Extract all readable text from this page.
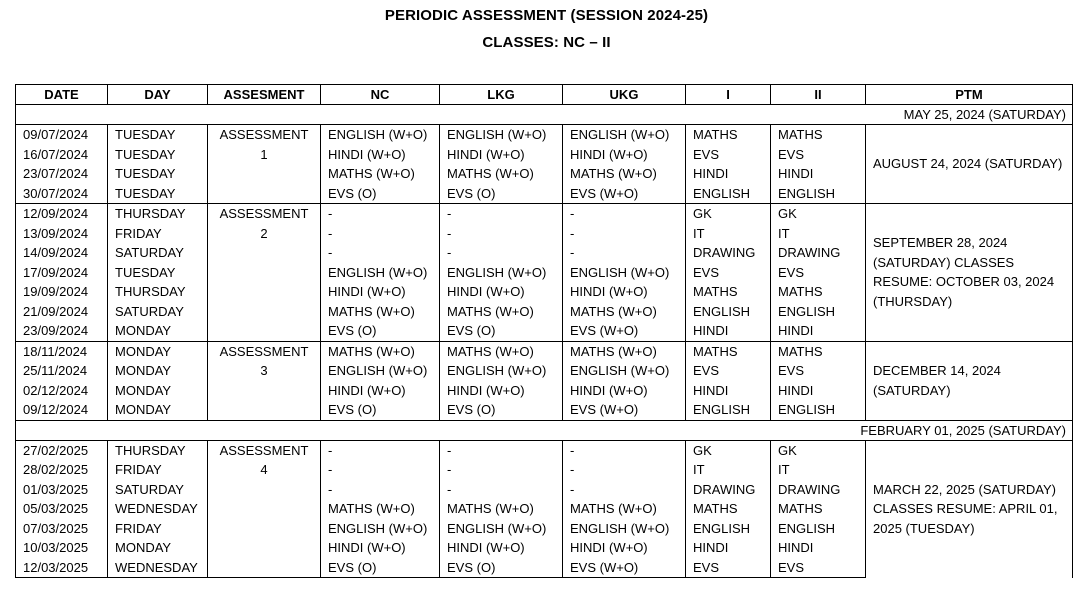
PERIODIC ASSESSMENT (SESSION 2024-25)
CLASSES: NC – II
DATE	DAY	ASSESMENT	NC	LKG	UKG	I	II	PTM
MAY 25, 2024 (SATURDAY)								
09/07/2024	TUESDAY	ASSESSMENT	ENGLISH (W+O)	ENGLISH (W+O)	ENGLISH (W+O)	MATHS	MATHS	AUGUST 24, 2024 (SATURDAY)
16/07/2024	TUESDAY	1	HINDI (W+O)	HINDI (W+O)	HINDI (W+O)	EVS	EVS	
23/07/2024	TUESDAY		MATHS (W+O)	MATHS (W+O)	MATHS (W+O)	HINDI	HINDI	
30/07/2024	TUESDAY		EVS (O)	EVS (O)	EVS (W+O)	ENGLISH	ENGLISH	
12/09/2024	THURSDAY	ASSESSMENT	-	-	-	GK	GK	SEPTEMBER 28, 2024 (SATURDAY) CLASSES RESUME: OCTOBER 03, 2024 (THURSDAY)
13/09/2024	FRIDAY	2	-	-	-	IT	IT	
14/09/2024	SATURDAY		-	-	-	DRAWING	DRAWING	
17/09/2024	TUESDAY		ENGLISH (W+O)	ENGLISH (W+O)	ENGLISH (W+O)	EVS	EVS	
19/09/2024	THURSDAY		HINDI (W+O)	HINDI (W+O)	HINDI (W+O)	MATHS	MATHS	
21/09/2024	SATURDAY		MATHS (W+O)	MATHS (W+O)	MATHS (W+O)	ENGLISH	ENGLISH	
23/09/2024	MONDAY		EVS (O)	EVS (O)	EVS (W+O)	HINDI	HINDI	
18/11/2024	MONDAY	ASSESSMENT	MATHS (W+O)	MATHS (W+O)	MATHS (W+O)	MATHS	MATHS	DECEMBER 14, 2024 (SATURDAY)
25/11/2024	MONDAY	3	ENGLISH (W+O)	ENGLISH (W+O)	ENGLISH (W+O)	EVS	EVS	
02/12/2024	MONDAY		HINDI (W+O)	HINDI (W+O)	HINDI (W+O)	HINDI	HINDI	
09/12/2024	MONDAY		EVS (O)	EVS (O)	EVS (W+O)	ENGLISH	ENGLISH	
FEBRUARY 01, 2025 (SATURDAY)								
27/02/2025	THURSDAY	ASSESSMENT	-	-	-	GK	GK	MARCH 22, 2025 (SATURDAY) CLASSES RESUME: APRIL 01, 2025 (TUESDAY)
28/02/2025	FRIDAY	4	-	-	-	IT	IT	
01/03/2025	SATURDAY		-	-	-	DRAWING	DRAWING	
05/03/2025	WEDNESDAY		MATHS (W+O)	MATHS (W+O)	MATHS (W+O)	MATHS	MATHS	
07/03/2025	FRIDAY		ENGLISH (W+O)	ENGLISH (W+O)	ENGLISH (W+O)	ENGLISH	ENGLISH	
10/03/2025	MONDAY		HINDI (W+O)	HINDI (W+O)	HINDI (W+O)	HINDI	HINDI	
12/03/2025	WEDNESDAY		EVS (O)	EVS (O)	EVS (W+O)	EVS	EVS	
